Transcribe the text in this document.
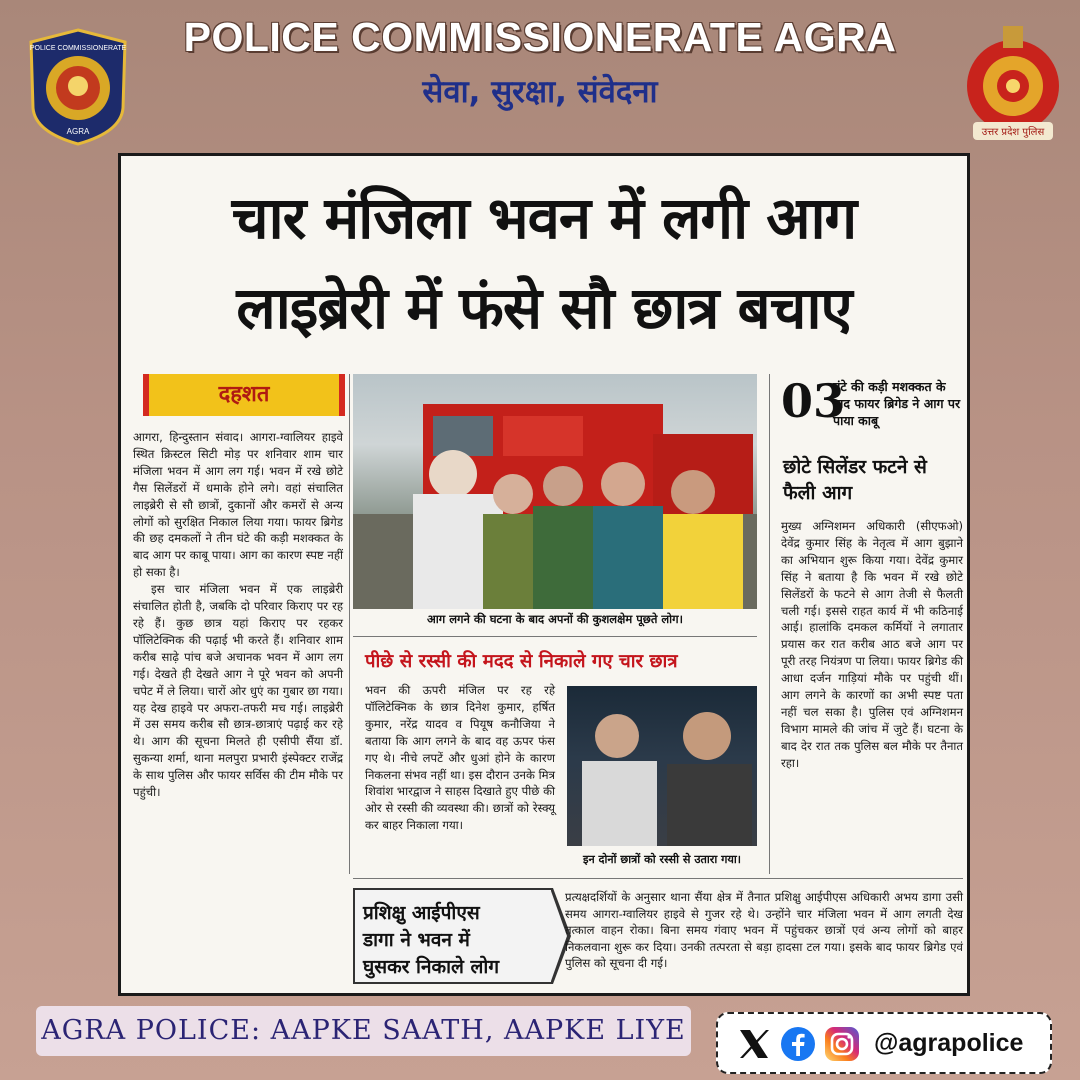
POLICE COMMISSIONERATE
AGRA
POLICE COMMISSIONERATE AGRA
सेवा, सुरक्षा, संवेदना
उत्तर प्रदेश पुलिस
चार मंजिला भवन में लगी आग
लाइब्रेरी में फंसे सौ छात्र बचाए
दहशत

आगरा, हिन्दुस्तान संवाद। आगरा-ग्वालियर हाइवे स्थित क्रिस्टल सिटी मोड़ पर शनिवार शाम चार मंजिला भवन में आग लग गई। भवन में रखे छोटे गैस सिलेंडरों में धमाके होने लगे। वहां संचालित लाइब्रेरी से सौ छात्रों, दुकानों और कमरों से अन्य लोगों को सुरक्षित निकाल लिया गया। फायर ब्रिगेड की छह दमकलों ने तीन घंटे की कड़ी मशक्कत के बाद आग पर काबू पाया। आग का कारण स्पष्ट नहीं हो सका है।

इस चार मंजिला भवन में एक लाइब्रेरी संचालित होती है, जबकि दो परिवार किराए पर रह रहे हैं। कुछ छात्र यहां किराए पर रहकर पॉलिटेक्निक की पढ़ाई भी करते हैं। शनिवार शाम करीब साढ़े पांच बजे अचानक भवन में आग लग गई। देखते ही देखते आग ने पूरे भवन को अपनी चपेट में ले लिया। चारों ओर धुएं का गुबार छा गया। यह देख हाइवे पर अफरा-तफरी मच गई। लाइब्रेरी में उस समय करीब सौ छात्र-छात्राएं पढ़ाई कर रहे थे। आग की सूचना मिलते ही एसीपी सैंया डॉ. सुकन्या शर्मा, थाना मलपुरा प्रभारी इंस्पेक्टर राजेंद्र के साथ पुलिस और फायर सर्विस की टीम मौके पर पहुंची।

आग लगने की घटना के बाद अपनों की कुशलक्षेम पूछते लोग।
03
घंटे की कड़ी मशक्कत के बाद फायर ब्रिगेड ने आग पर पाया काबू
छोटे सिलेंडर फटने से फैली आग

मुख्य अग्निशमन अधिकारी (सीएफओ) देवेंद्र कुमार सिंह के नेतृत्व में आग बुझाने का अभियान शुरू किया गया। देवेंद्र कुमार सिंह ने बताया है कि भवन में रखे छोटे सिलेंडरों के फटने से आग तेजी से फैलती चली गई। इससे राहत कार्य में भी कठिनाई आई। हालांकि दमकल कर्मियों ने लगातार प्रयास कर रात करीब आठ बजे आग पर पूरी तरह नियंत्रण पा लिया। फायर ब्रिगेड की आधा दर्जन गाड़ियां मौके पर पहुंची थीं। आग लगने के कारणों का अभी स्पष्ट पता नहीं चल सका है। पुलिस एवं अग्निशमन विभाग मामले की जांच में जुटे हैं। घटना के बाद देर रात तक पुलिस बल मौके पर तैनात रहा।

पीछे से रस्सी की मदद से निकाले गए चार छात्र

भवन की ऊपरी मंजिल पर रह रहे पॉलिटेक्निक के छात्र दिनेश कुमार, हर्षित कुमार, नरेंद्र यादव व पियूष कनौजिया ने बताया कि आग लगने के बाद वह ऊपर फंस गए थे। नीचे लपटें और धुआं होने के कारण निकलना संभव नहीं था। इस दौरान उनके मित्र शिवांश भारद्वाज ने साहस दिखाते हुए पीछे की ओर से रस्सी की व्यवस्था की। छात्रों को रेस्क्यू कर बाहर निकाला गया।

इन दोनों छात्रों को रस्सी से उतारा गया।
प्रशिक्षु आईपीएस डागा ने भवन में घुसकर निकाले लोग

प्रत्यक्षदर्शियों के अनुसार थाना सैंया क्षेत्र में तैनात प्रशिक्षु आईपीएस अधिकारी अभय डागा उसी समय आगरा-ग्वालियर हाइवे से गुजर रहे थे। उन्होंने चार मंजिला भवन में आग लगती देख तत्काल वाहन रोका। बिना समय गंवाए भवन में पहुंचकर छात्रों एवं अन्य लोगों को बाहर निकलवाना शुरू कर दिया। उनकी तत्परता से बड़ा हादसा टल गया। इसके बाद फायर ब्रिगेड एवं पुलिस को सूचना दी गई।

AGRA POLICE: AAPKE SAATH, AAPKE LIYE	@agrapolice
